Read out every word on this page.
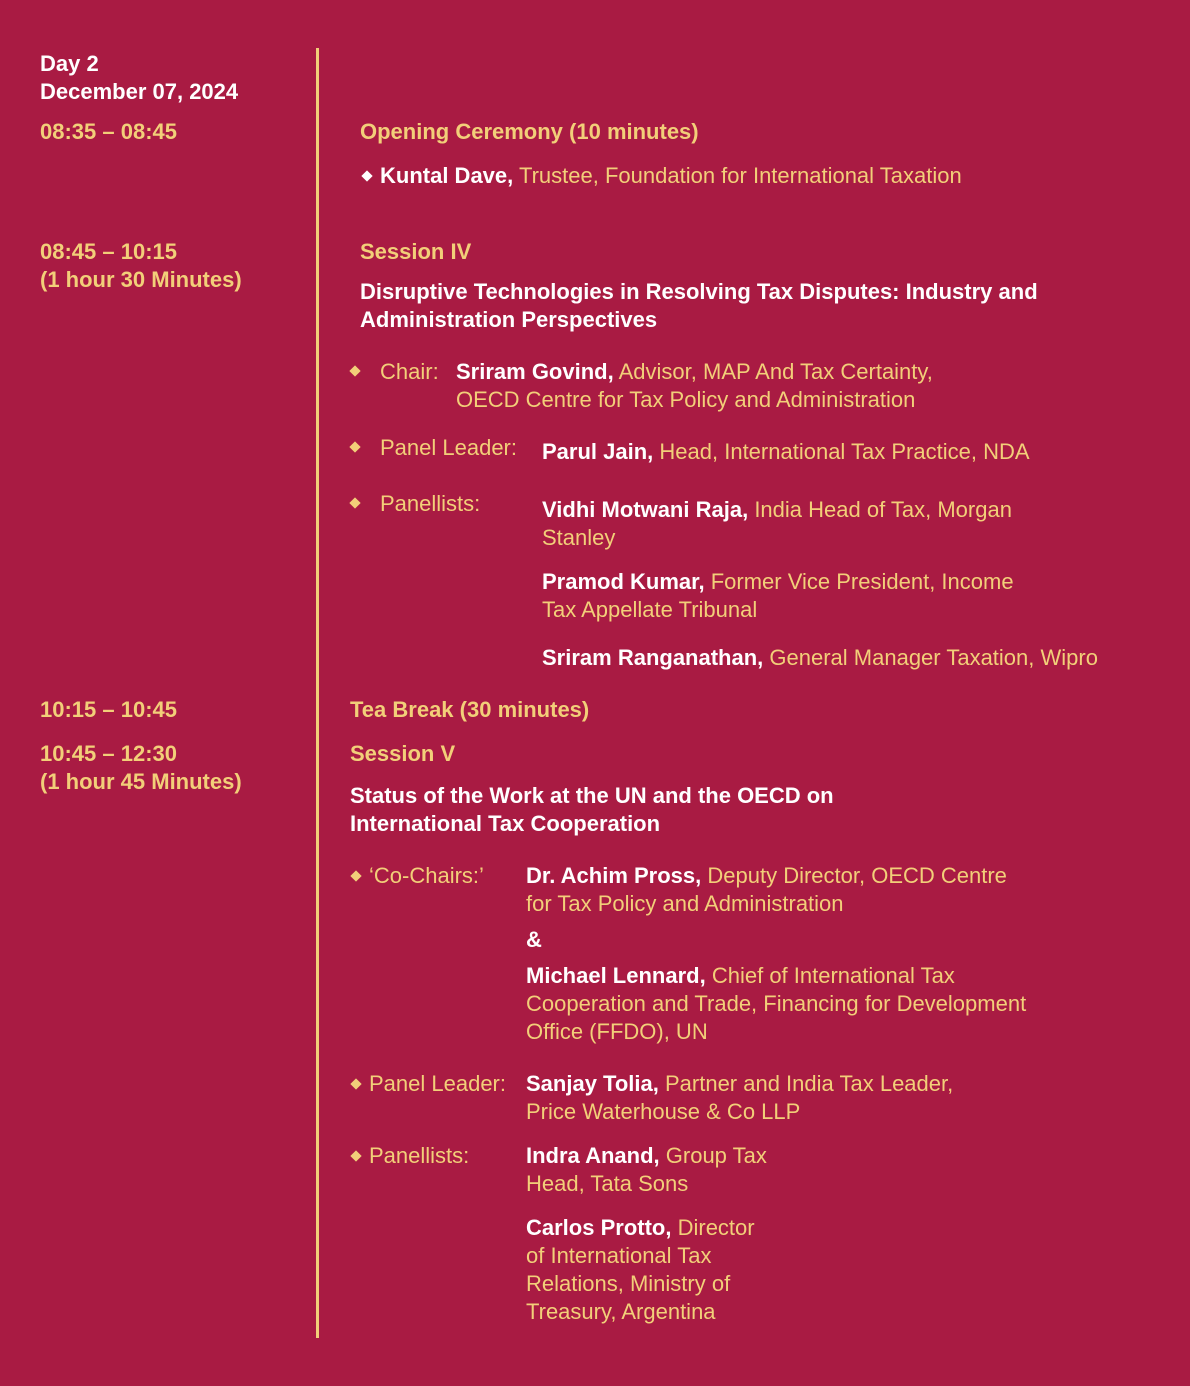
Day 2
December 07, 2024
08:35 – 08:45
08:45 – 10:15
(1 hour 30 Minutes)
10:15 – 10:45
10:45 – 12:30
(1 hour 45 Minutes)
Opening Ceremony (10 minutes)
Kuntal Dave, Trustee, Foundation for International Taxation
Session IV
Disruptive Technologies in Resolving Tax Disputes: Industry and
Administration Perspectives
Chair: Sriram Govind, Advisor, MAP And Tax Certainty,
OECD Centre for Tax Policy and Administration
Panel Leader: Parul Jain, Head, International Tax Practice, NDA
Panellists:	Vidhi Motwani Raja, India Head of Tax, Morgan
Stanley
Pramod Kumar, Former Vice President, Income
Tax Appellate Tribunal
Sriram Ranganathan, General Manager Taxation, Wipro
Tea Break (30 minutes)
Session V
Status of the Work at the UN and the OECD on
International Tax Cooperation
‘Co-Chairs:’ Dr. Achim Pross, Deputy Director, OECD Centre
for Tax Policy and Administration
&
Michael Lennard, Chief of International Tax
Cooperation and Trade, Financing for Development
Office (FFDO), UN
Panel Leader: Sanjay Tolia, Partner and India Tax Leader,
Price Waterhouse & Co LLP
Panellists:	Indra Anand, Group Tax
Head, Tata Sons
Carlos Protto, Director
of International Tax
Relations, Ministry of
Treasury, Argentina
